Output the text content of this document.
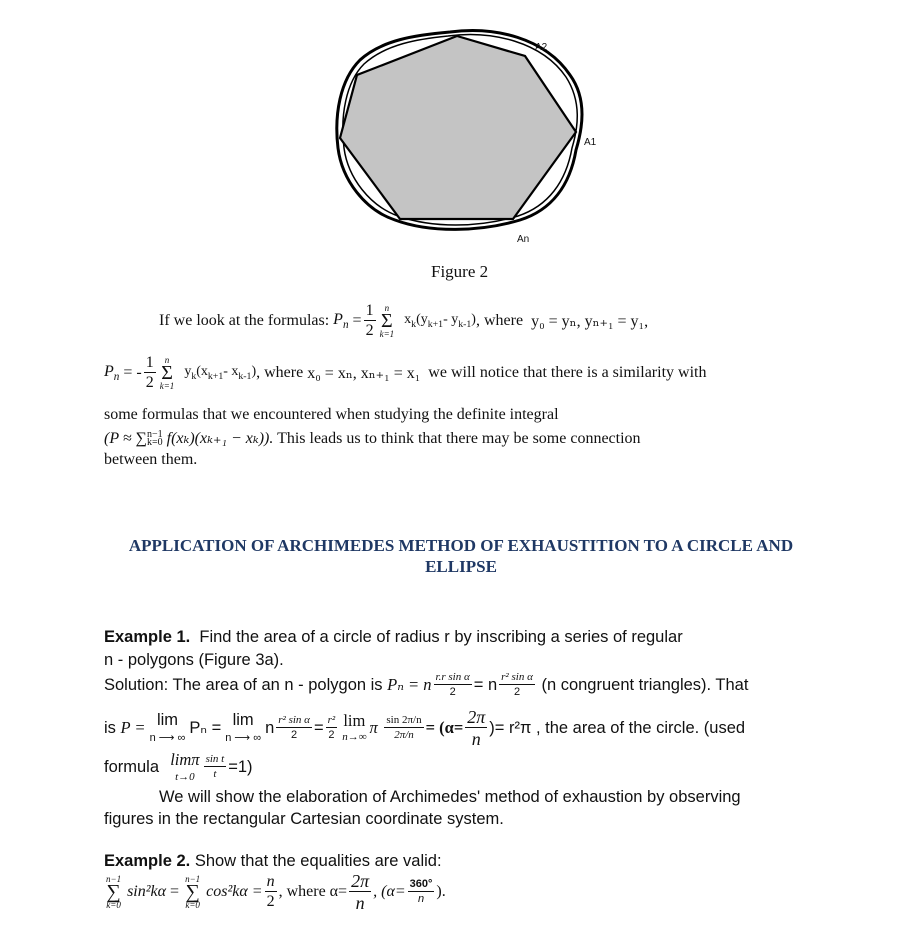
A2
A1
An
Figure 2
If we look at the formulas:
$P_n$
= $\frac{1}{2}$	n
Σ
k=1

$x_k(y_{k+1}-$ $y_{k-1}$) , where
y₀ = yₙ, yₙ₊₁ = y₁,
$P_n$
= - $\frac{1}{2}$	n
Σ
k=1

$y_k(x_{k+1}-$ $x_{k-1}$) , where
x₀ = xₙ, xₙ₊₁ = x₁
we will notice that there is a similarity with
some formulas that we encountered when studying the definite integral
(P ≈ ∑ n−1
k=0 f(xₖ)(xₖ₊₁ − xₖ)). This leads us to think that there may be some connection
between them.
APPLICATION OF ARCHIMEDES METHOD OF EXHAUSTITION TO A CIRCLE AND
ELLIPSE
Example 1. Find the area of a circle of radius r by inscribing a series of regular
n - polygons (Figure 3a).
Solution: The area of an n - polygon is
Pₙ = n $\frac{\text{r.r sin α}}{2} = n \frac{\text{r² sin α}}{2}$
(n congruent triangles). That
is
P = lim
n ⟶ ∞
Pₙ = lim
n ⟶ ∞
n $\frac{\text{r² sin α}}{2} = \frac{\text{r²}}{2}$ lim
n→∞
π
$\frac{\sin 2\pi/n}{2\pi/n} = (\alpha= \frac{2\pi}{n}$ )= r²π
, the area of the circle. (used
formula
limπ
$t\to 0 \frac{\text{sin t}}{t} =1$)
We will show the elaboration of Archimedes' method of exhaustion by observing
figures in the rectangular Cartesian coordinate system.
Example 2. Show that the equalities are valid:
n−1
∑
k=0

sin²kα
=

n−1
∑
k=0

$\cos^2k\alpha = \frac{n}{2}$ , where $\alpha= \frac{2\pi}{n}$ , ($\alpha= \frac{360^\circ}{n}$ ).
